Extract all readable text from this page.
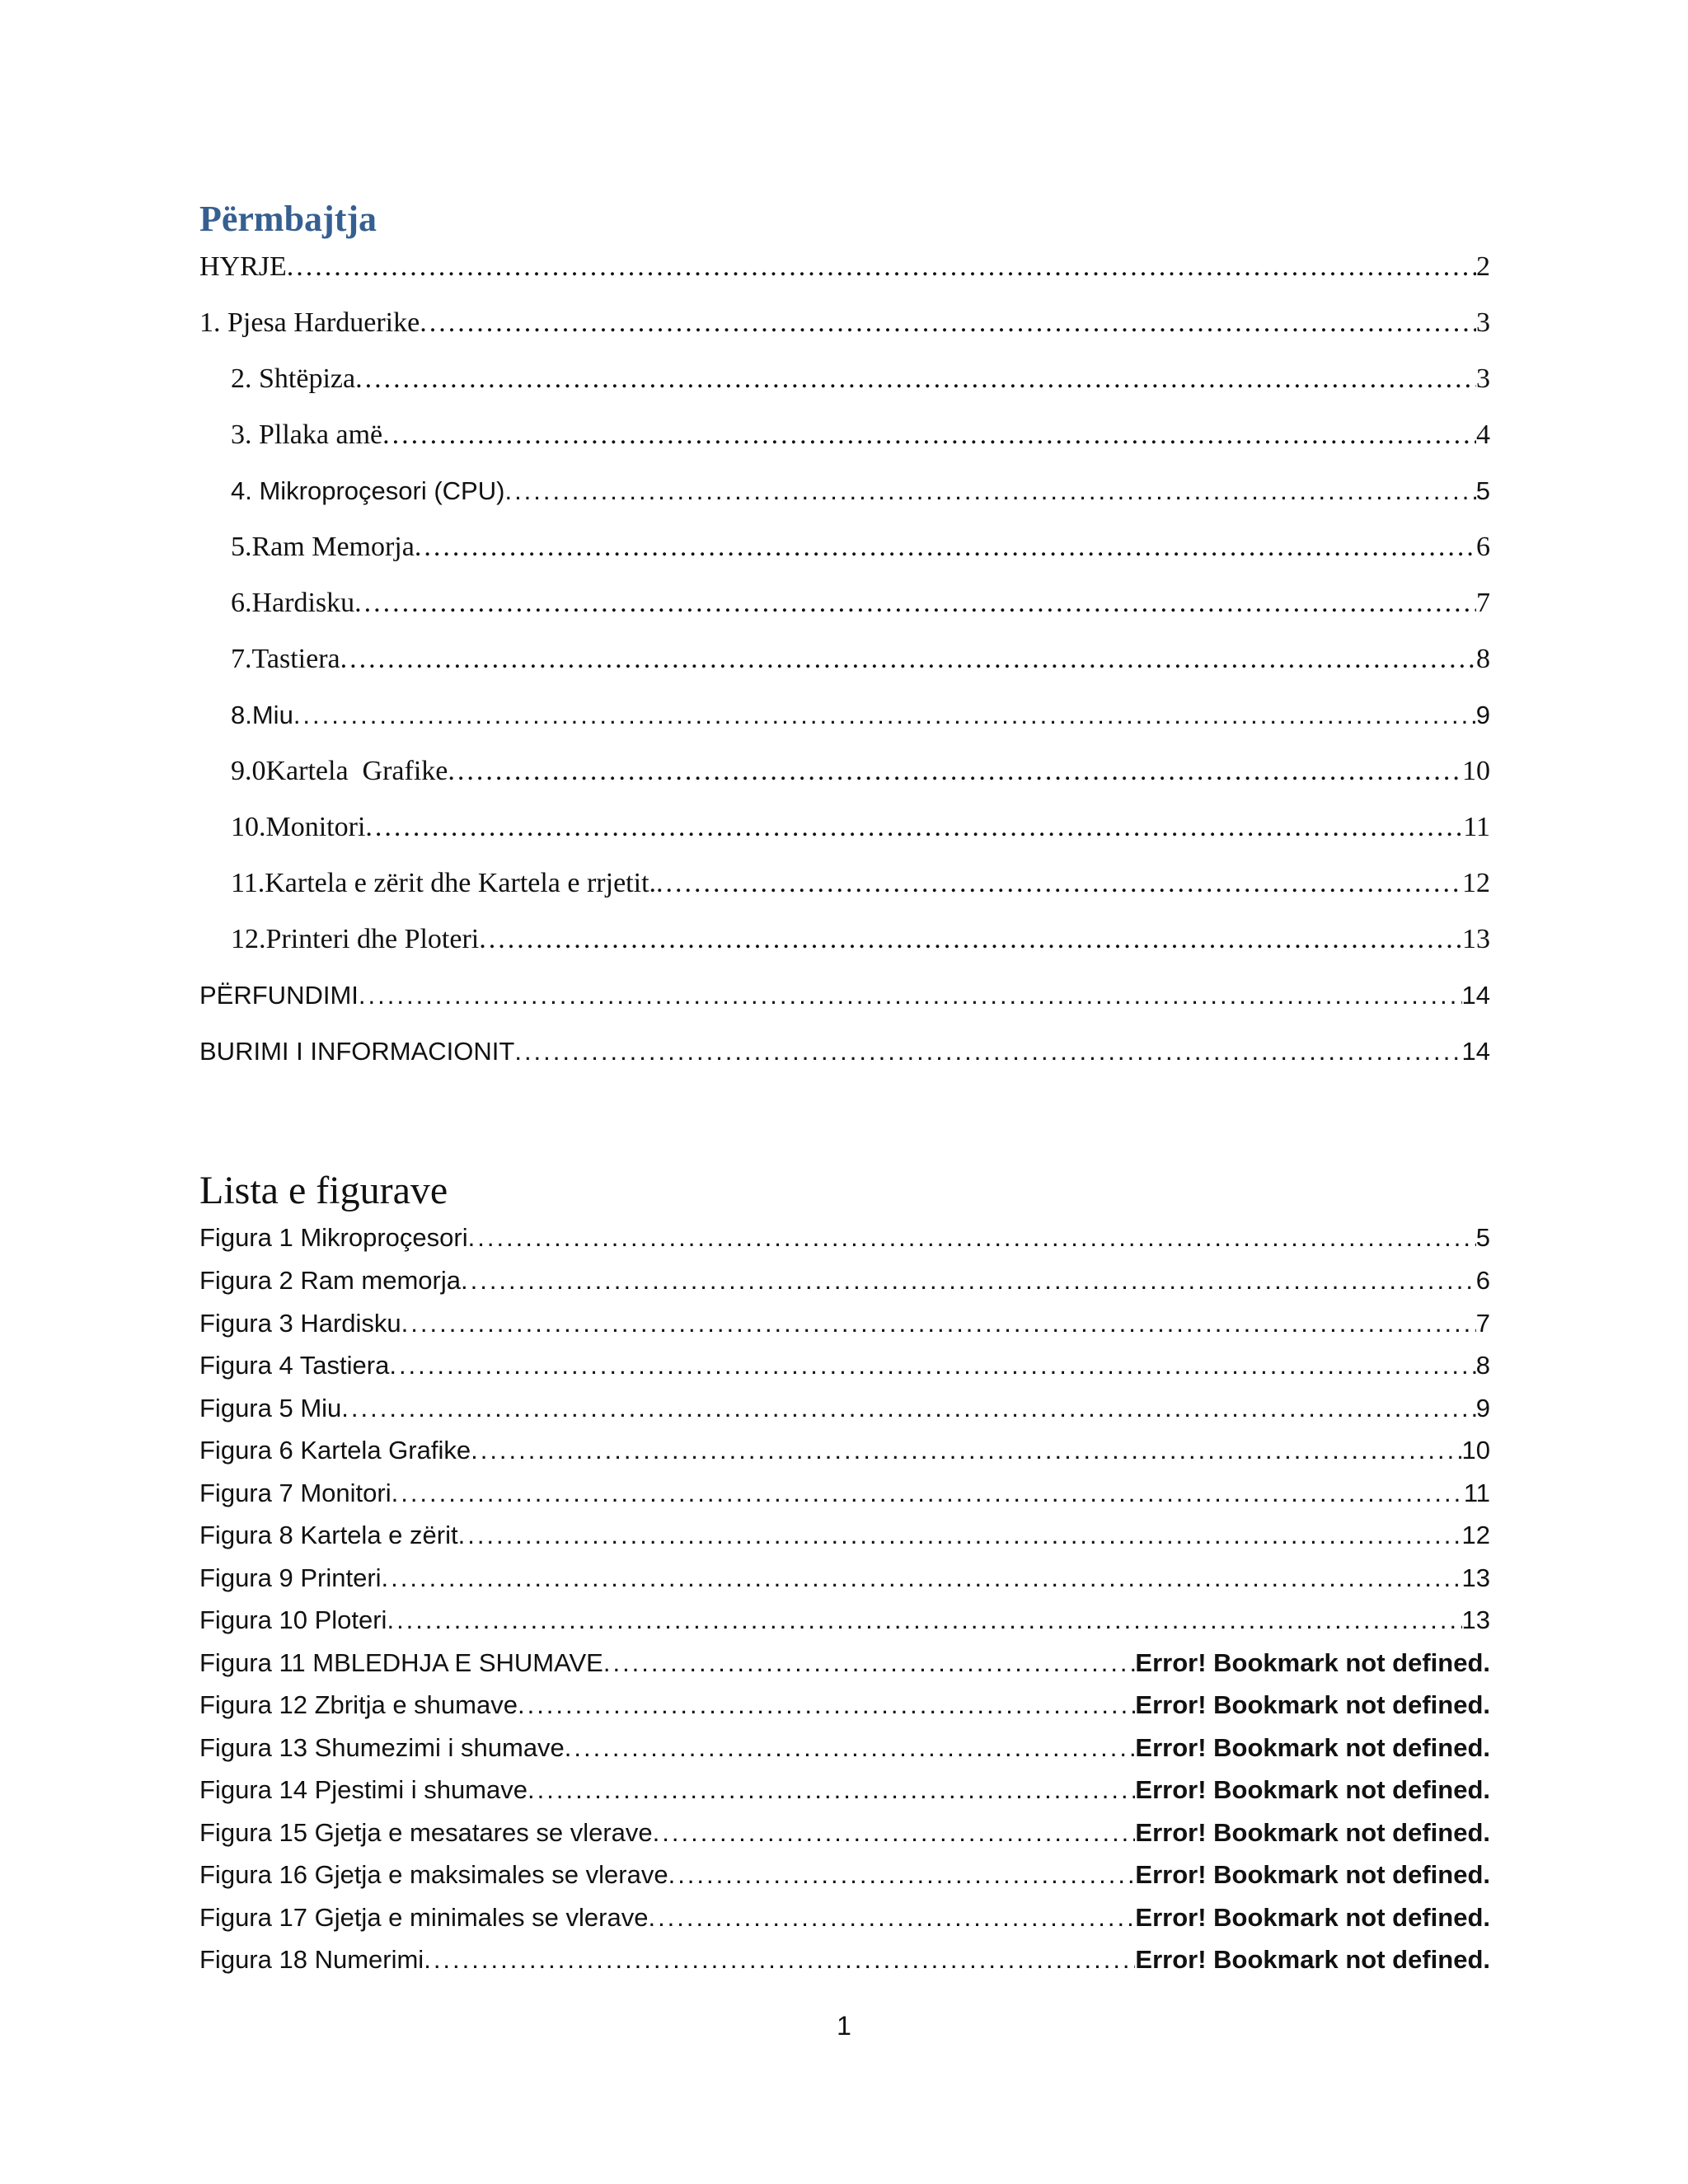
Përmbajtja
HYRJE .....	2
1. Pjesa Harduerike .....	3
2. Shtëpiza .....	3
3. Pllaka amë .....	4
4. Mikroproçesori (CPU) .....	5
5.Ram Memorja .....	6
6.Hardisku .....	7
7.Tastiera .....	8
8.Miu .....	9
9.0Kartela  Grafike .....	10
10.Monitori .....	11
11.Kartela e zërit dhe Kartela e rrjetit. .....	12
12.Printeri dhe Ploteri .....	13
PËRFUNDIMI .....	14
BURIMI I INFORMACIONIT .....	14
Lista e figurave
Figura 1 Mikroproçesori .....	5
Figura 2 Ram memorja .....	6
Figura 3 Hardisku .....	7
Figura 4 Tastiera .....	8
Figura 5 Miu .....	9
Figura 6 Kartela Grafike .....	10
Figura 7 Monitori .....	11
Figura 8 Kartela e zërit .....	12
Figura 9 Printeri .....	13
Figura 10 Ploteri .....	13
Figura 11 MBLEDHJA E SHUMAVE .....	Error! Bookmark not defined.
Figura 12 Zbritja e shumave .....	Error! Bookmark not defined.
Figura 13 Shumezimi i shumave .....	Error! Bookmark not defined.
Figura 14 Pjestimi i shumave .....	Error! Bookmark not defined.
Figura 15 Gjetja e mesatares se vlerave .....	Error! Bookmark not defined.
Figura 16 Gjetja e maksimales se vlerave .....	Error! Bookmark not defined.
Figura 17 Gjetja e minimales se vlerave .....	Error! Bookmark not defined.
Figura 18 Numerimi .....	Error! Bookmark not defined.
1
